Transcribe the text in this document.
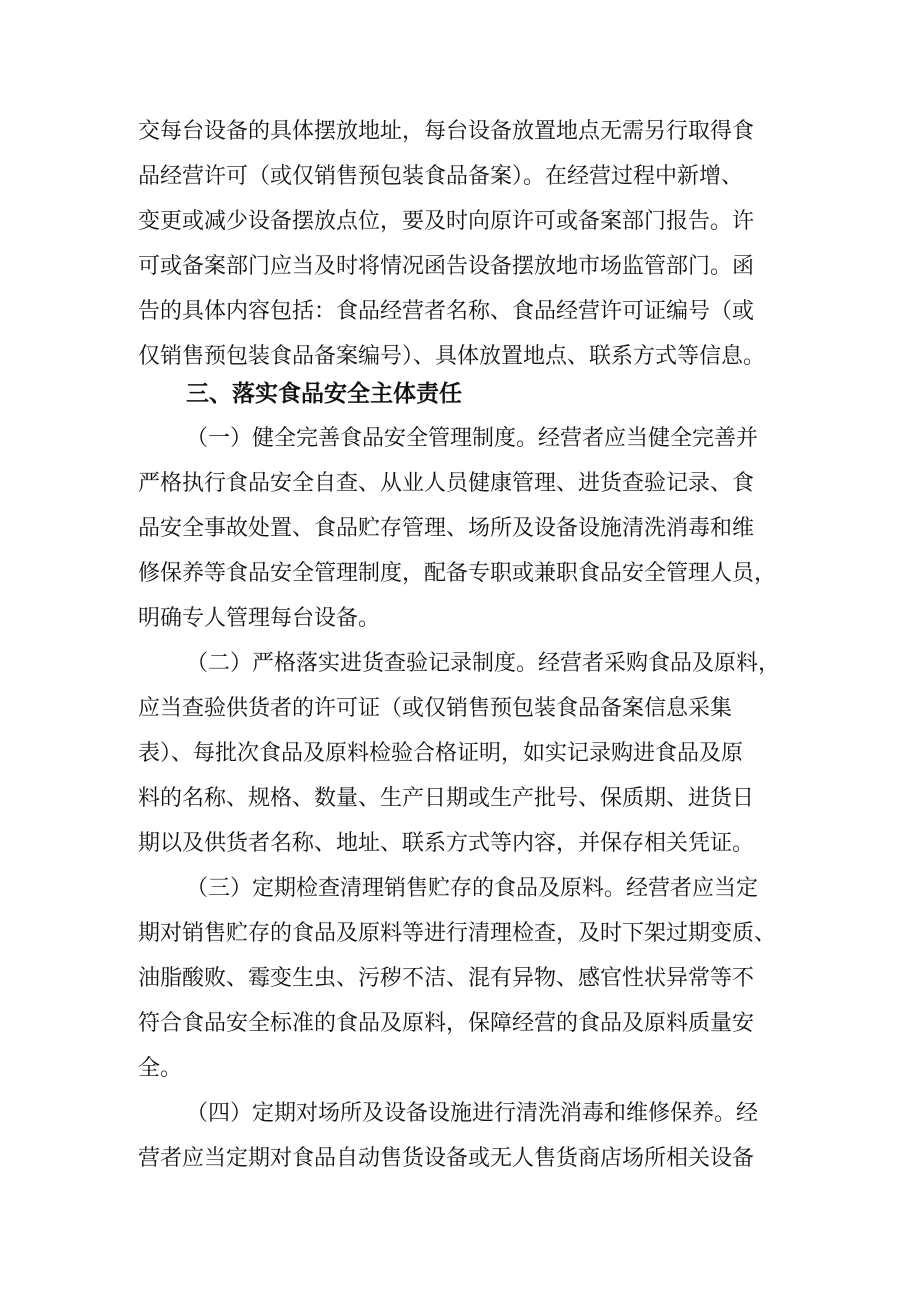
交每台设备的具体摆放地址，每台设备放置地点无需另行取得食
品经营许可（或仅销售预包装食品备案）。在经营过程中新增、
变更或减少设备摆放点位，要及时向原许可或备案部门报告。许
可或备案部门应当及时将情况函告设备摆放地市场监管部门。函
告的具体内容包括：食品经营者名称、食品经营许可证编号（或
仅销售预包装食品备案编号）、具体放置地点、联系方式等信息。
三、落实食品安全主体责任
（一）健全完善食品安全管理制度。经营者应当健全完善并
严格执行食品安全自查、从业人员健康管理、进货查验记录、食
品安全事故处置、食品贮存管理、场所及设备设施清洗消毒和维
修保养等食品安全管理制度，配备专职或兼职食品安全管理人员，
明确专人管理每台设备。
（二）严格落实进货查验记录制度。经营者采购食品及原料，
应当查验供货者的许可证（或仅销售预包装食品备案信息采集
表）、每批次食品及原料检验合格证明，如实记录购进食品及原
料的名称、规格、数量、生产日期或生产批号、保质期、进货日
期以及供货者名称、地址、联系方式等内容，并保存相关凭证。
（三）定期检查清理销售贮存的食品及原料。经营者应当定
期对销售贮存的食品及原料等进行清理检查，及时下架过期变质、
油脂酸败、霉变生虫、污秽不洁、混有异物、感官性状异常等不
符合食品安全标准的食品及原料，保障经营的食品及原料质量安
全。
（四）定期对场所及设备设施进行清洗消毒和维修保养。经
营者应当定期对食品自动售货设备或无人售货商店场所相关设备
